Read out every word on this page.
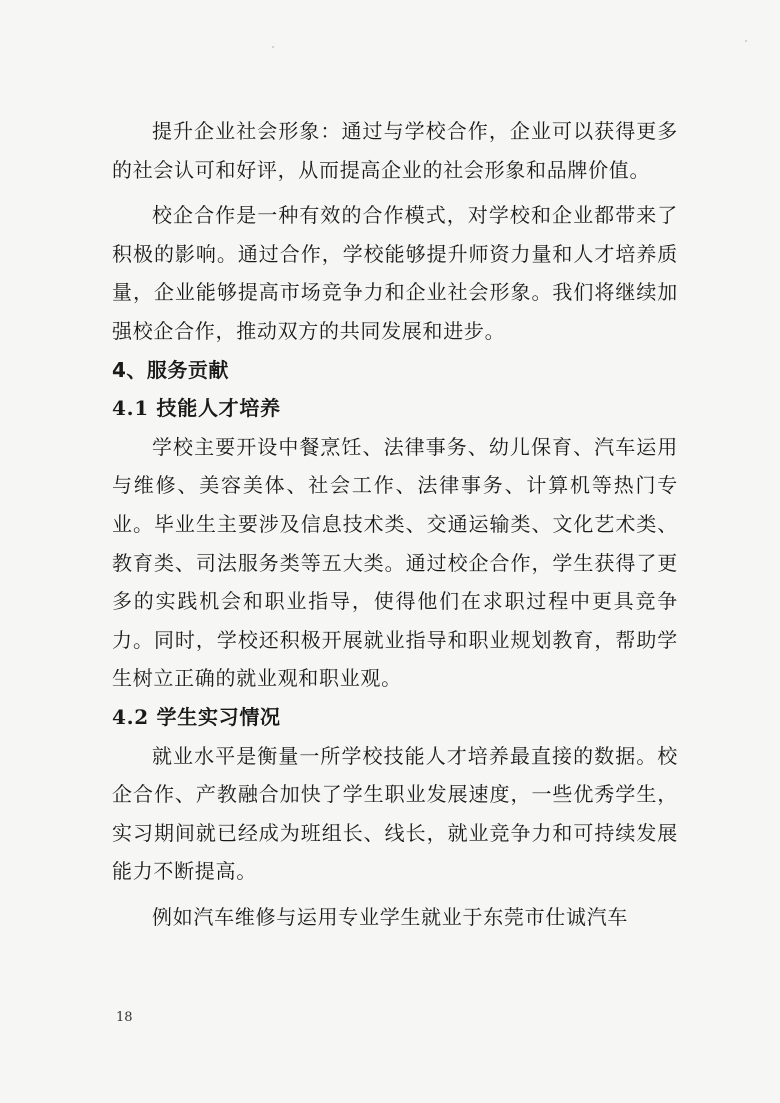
提升企业社会形象：通过与学校合作，企业可以获得更多的社会认可和好评，从而提高企业的社会形象和品牌价值。

校企合作是一种有效的合作模式，对学校和企业都带来了积极的影响。通过合作，学校能够提升师资力量和人才培养质量，企业能够提高市场竞争力和企业社会形象。我们将继续加强校企合作，推动双方的共同发展和进步。

4、服务贡献
4.1 技能人才培养

学校主要开设中餐烹饪、法律事务、幼儿保育、汽车运用与维修、美容美体、社会工作、法律事务、计算机等热门专业。毕业生主要涉及信息技术类、交通运输类、文化艺术类、教育类、司法服务类等五大类。通过校企合作，学生获得了更多的实践机会和职业指导，使得他们在求职过程中更具竞争力。同时，学校还积极开展就业指导和职业规划教育，帮助学生树立正确的就业观和职业观。

4.2 学生实习情况

就业水平是衡量一所学校技能人才培养最直接的数据。校企合作、产教融合加快了学生职业发展速度，一些优秀学生，实习期间就已经成为班组长、线长，就业竞争力和可持续发展能力不断提高。

例如汽车维修与运用专业学生就业于东莞市仕诚汽车

18
